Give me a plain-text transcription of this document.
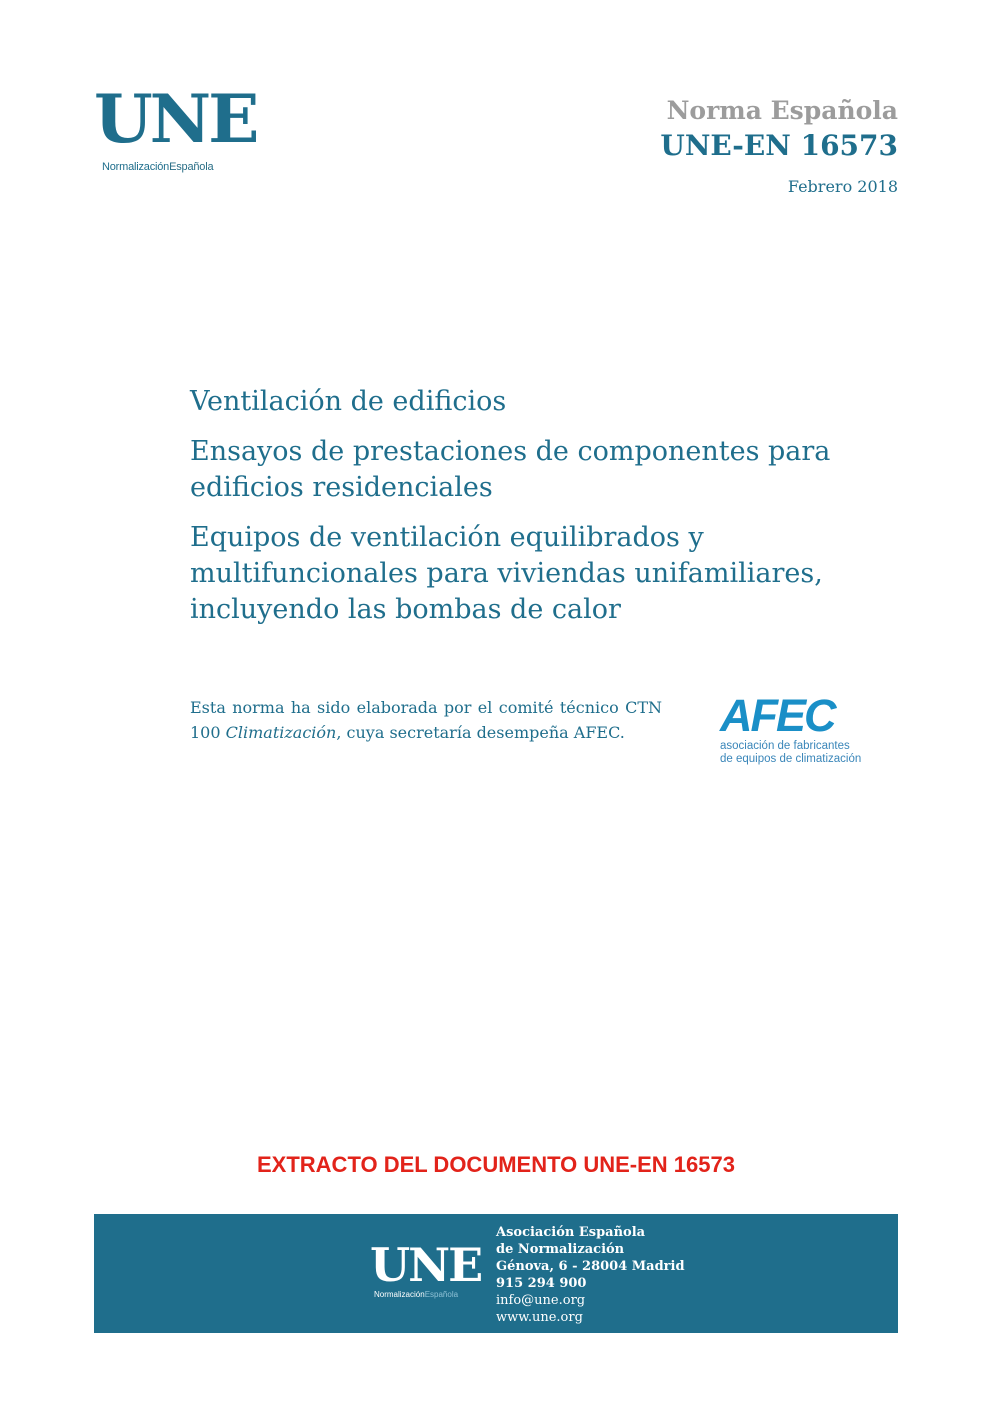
UNE
NormalizaciónEspañola
Norma Española
UNE-EN 16573
Febrero 2018
Ventilación de edificios
Ensayos de prestaciones de componentes para edificios residenciales
Equipos de ventilación equilibrados y multifuncionales para viviendas unifamiliares, incluyendo las bombas de calor
Esta norma ha sido elaborada por el comité técnico CTN 100 Climatización, cuya secretaría desempeña AFEC.	AFEC
asociación de fabricantes
de equipos de climatización
EXTRACTO DEL DOCUMENTO UNE-EN 16573
UNE
NormalizaciónEspañola
Asociación Española
de Normalización
Génova, 6 - 28004 Madrid
915 294 900
info@une.org
www.une.org
